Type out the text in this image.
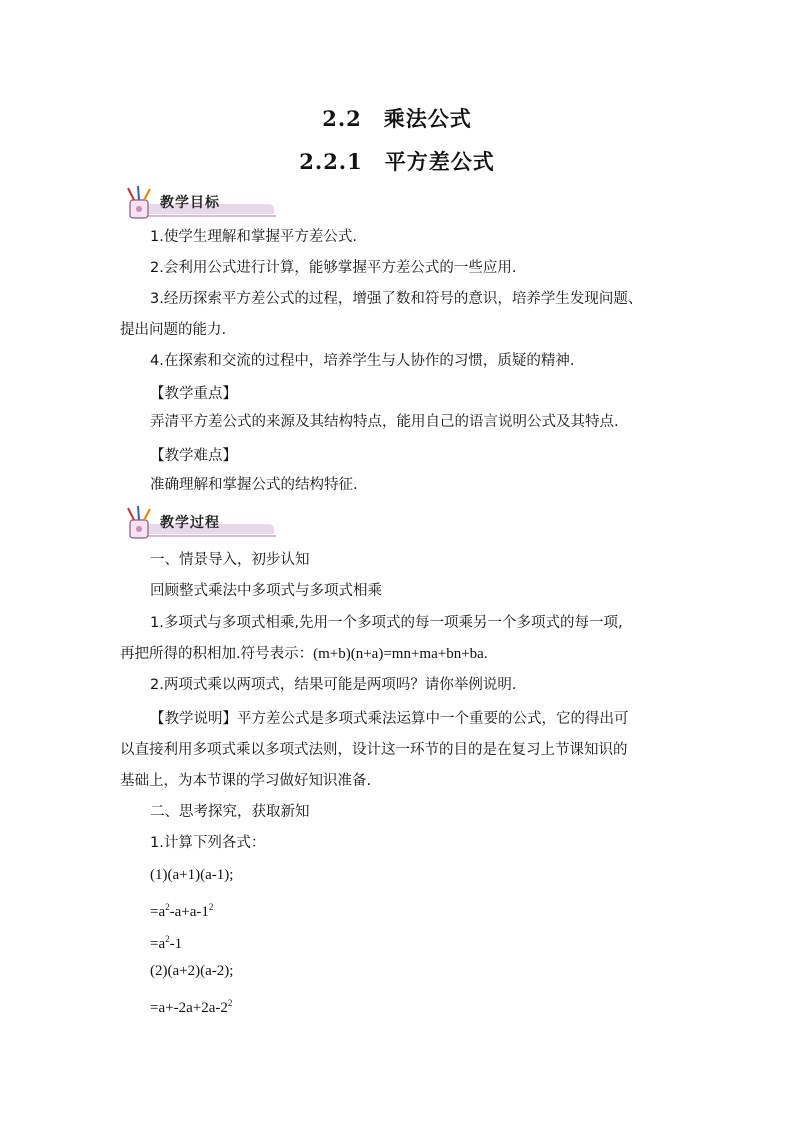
2.2 乘法公式
2.2.1 平方差公式
教学目标
1.使学生理解和掌握平方差公式.
2.会利用公式进行计算，能够掌握平方差公式的一些应用.
3.经历探索平方差公式的过程，增强了数和符号的意识，培养学生发现问题、
提出问题的能力.
4.在探索和交流的过程中，培养学生与人协作的习惯，质疑的精神.
【教学重点】
弄清平方差公式的来源及其结构特点，能用自己的语言说明公式及其特点.
【教学难点】
准确理解和掌握公式的结构特征.
教学过程
一、情景导入，初步认知
回顾整式乘法中多项式与多项式相乘
1.多项式与多项式相乘,先用一个多项式的每一项乘另一个多项式的每一项,
再把所得的积相加.符号表示：(m+b)(n+a)=mn+ma+bn+ba.
2.两项式乘以两项式，结果可能是两项吗？请你举例说明.
【教学说明】平方差公式是多项式乘法运算中一个重要的公式，它的得出可
以直接利用多项式乘以多项式法则，设计这一环节的目的是在复习上节课知识的
基础上，为本节课的学习做好知识准备.
二、思考探究，获取新知
1.计算下列各式：
(1)(a+1)(a-1);
$=a^2-a+a-1^2$
$=a^2-1$
(2)(a+2)(a-2);
$=a+-2a+2a-2^2$
